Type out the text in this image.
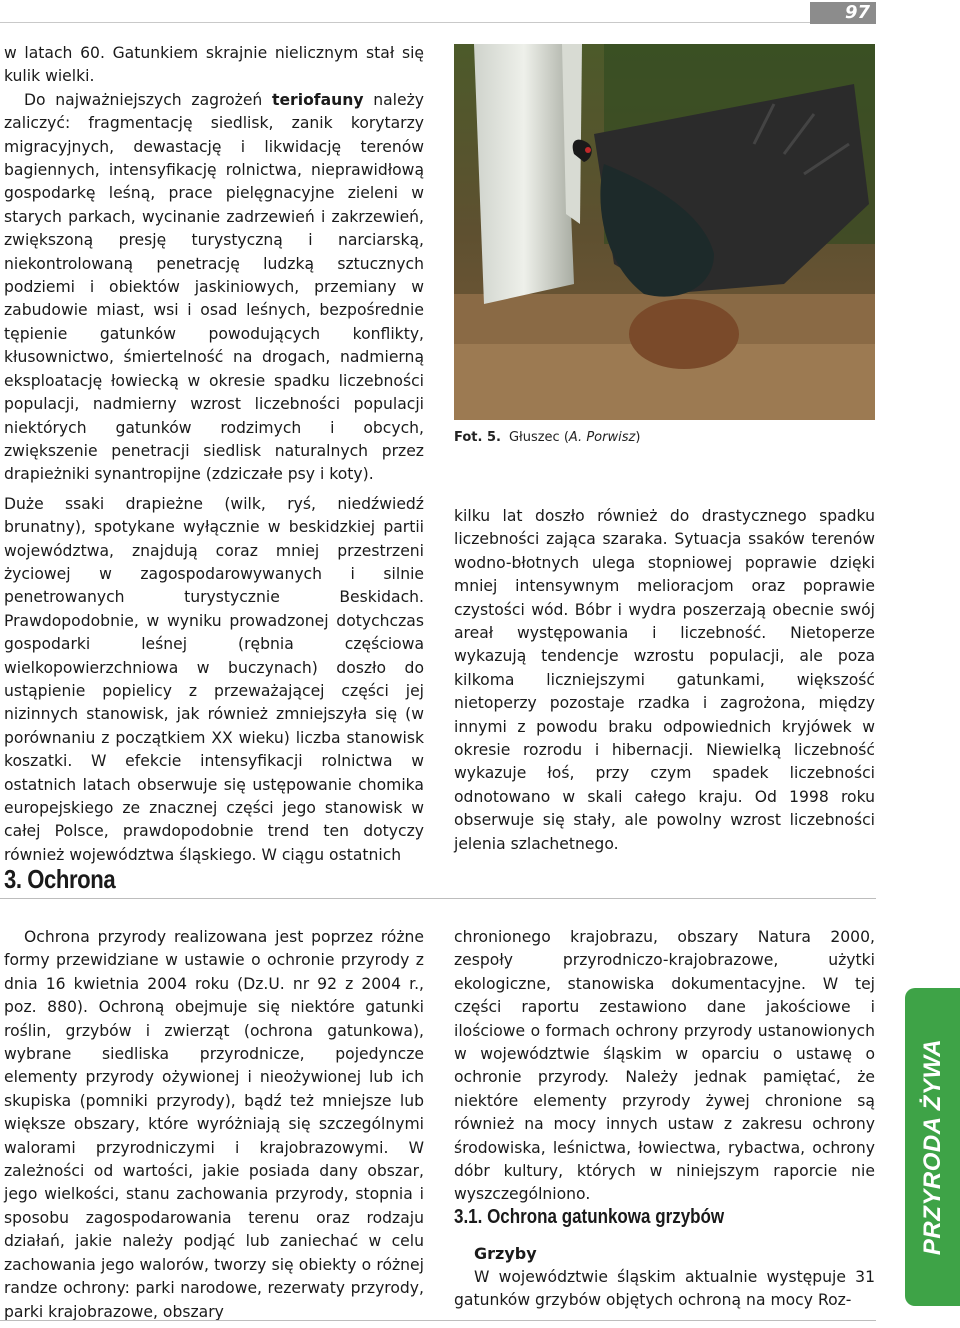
97

w latach 60. Gatunkiem skrajnie nielicznym stał się kulik wielki.

Do najważniejszych zagrożeń teriofauny należy zaliczyć: fragmentację siedlisk, zanik korytarzy migracyjnych, dewastację i likwidację terenów bagiennych, intensyfikację rolnictwa, nieprawidłową gospodarkę leśną, prace pielęgnacyjne zieleni w starych parkach, wycinanie zadrzewień i zakrzewień, zwiększoną presję turystyczną i narciarską, niekontrolowaną penetrację ludzką sztucznych podziemi i obiektów jaskiniowych, przemiany w zabudowie miast, wsi i osad leśnych, bezpośrednie tępienie gatunków powodujących konflikty, kłusownictwo, śmiertelność na drogach, nadmierną eksploatację łowiecką w okresie spadku liczebności populacji, nadmierny wzrost liczebności populacji niektórych gatunków rodzimych i obcych, zwiększenie penetracji siedlisk naturalnych przez drapieżniki synantropijne (zdziczałe psy i koty).

Duże ssaki drapieżne (wilk, ryś, niedźwiedź brunatny), spotykane wyłącznie w beskidzkiej partii województwa, znajdują coraz mniej przestrzeni życiowej w zagospodarowywanych i silnie penetrowanych turystycznie Beskidach. Prawdopodobnie, w wyniku prowadzonej dotychczas gospodarki leśnej (rębnia częściowa wielkopowierzchniowa w buczynach) doszło do ustąpienie popielicy z przeważającej części jej nizinnych stanowisk, jak również zmniejszyła się (w porównaniu z początkiem XX wieku) liczba stanowisk koszatki. W efekcie intensyfikacji rolnictwa w ostatnich latach obserwuje się ustępowanie chomika europejskiego ze znacznej części jego stanowisk w całej Polsce, prawdopodobnie trend ten dotyczy również województwa śląskiego. W ciągu ostatnich

Fot. 5. Głuszec (A. Porwisz)

kilku lat doszło również do drastycznego spadku liczebności zająca szaraka. Sytuacja ssaków terenów wodno-błotnych ulega stopniowej poprawie dzięki mniej intensywnym melioracjom oraz poprawie czystości wód. Bóbr i wydra poszerzają obecnie swój areał występowania i liczebność. Nietoperze wykazują tendencje wzrostu populacji, ale poza kilkoma liczniejszymi gatunkami, większość nietoperzy pozostaje rzadka i zagrożona, między innymi z powodu braku odpowiednich kryjówek w okresie rozrodu i hibernacji. Niewielką liczebność wykazuje łoś, przy czym spadek liczebności odnotowano w skali całego kraju. Od 1998 roku obserwuje się stały, ale powolny wzrost liczebności jelenia szlachetnego.

3. Ochrona

Ochrona przyrody realizowana jest poprzez różne formy przewidziane w ustawie o ochronie przyrody z dnia 16 kwietnia 2004 roku (Dz.U. nr 92 z 2004 r., poz. 880). Ochroną obejmuje się niektóre gatunki roślin, grzybów i zwierząt (ochrona gatunkowa), wybrane siedliska przyrodnicze, pojedyncze elementy przyrody ożywionej i nieożywionej lub ich skupiska (pomniki przyrody), bądź też mniejsze lub większe obszary, które wyróżniają się szczególnymi walorami przyrodniczymi i krajobrazowymi. W zależności od wartości, jakie posiada dany obszar, jego wielkości, stanu zachowania przyrody, stopnia i sposobu zagospodarowania terenu oraz rodzaju działań, jakie należy podjąć lub zaniechać w celu zachowania jego walorów, tworzy się obiekty o różnej randze ochrony: parki narodowe, rezerwaty przyrody, parki krajobrazowe, obszary

chronionego krajobrazu, obszary Natura 2000, zespoły przyrodniczo-krajobrazowe, użytki ekologiczne, stanowiska dokumentacyjne. W tej części raportu zestawiono dane jakościowe i ilościowe o formach ochrony przyrody ustanowionych w województwie śląskim w oparciu o ustawę o ochronie przyrody. Należy jednak pamiętać, że niektóre elementy przyrody żywej chronione są również na mocy innych ustaw z zakresu ochrony środowiska, leśnictwa, łowiectwa, rybactwa, ochrony dóbr kultury, których w niniejszym raporcie nie wyszczególniono.

3.1. Ochrona gatunkowa grzybów
Grzyby

W województwie śląskim aktualnie występuje 31 gatunków grzybów objętych ochroną na mocy Roz-

PRZYRODA ŻYWA
